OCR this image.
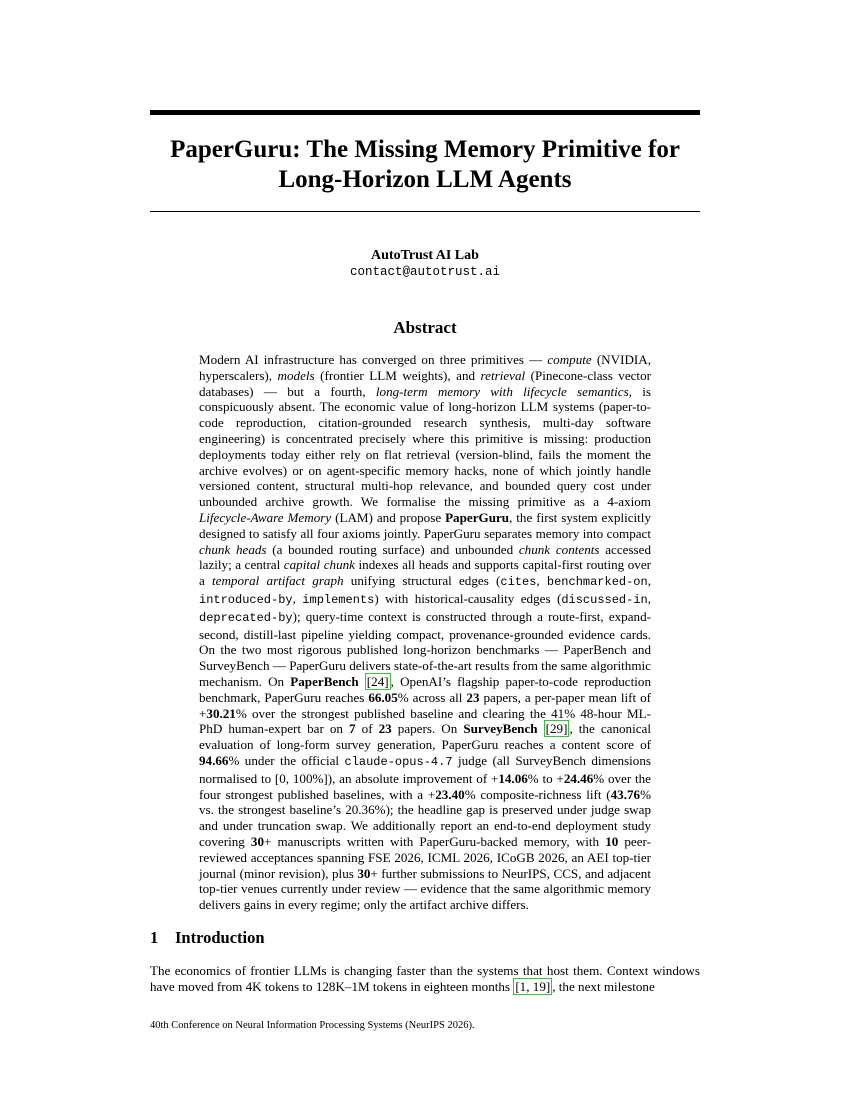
PaperGuru: The Missing Memory Primitive for
Long-Horizon LLM Agents
AutoTrust AI Lab
contact@autotrust.ai
Abstract
Modern AI infrastructure has converged on three primitives — compute (NVIDIA, hyperscalers), models (frontier LLM weights), and retrieval (Pinecone-class vector databases) — but a fourth, long-term memory with lifecycle semantics, is conspicuously absent. The economic value of long-horizon LLM systems (paper-to-code reproduction, citation-grounded research synthesis, multi-day software engineering) is concentrated precisely where this primitive is missing: production deployments today either rely on flat retrieval (version-blind, fails the moment the archive evolves) or on agent-specific memory hacks, none of which jointly handle versioned content, structural multi-hop relevance, and bounded query cost under unbounded archive growth. We formalise the missing primitive as a 4-axiom Lifecycle-Aware Memory (LAM) and propose PaperGuru, the first system explicitly designed to satisfy all four axioms jointly. PaperGuru separates memory into compact chunk heads (a bounded routing surface) and unbounded chunk contents accessed lazily; a central capital chunk indexes all heads and supports capital-first routing over a temporal artifact graph unifying structural edges (cites, benchmarked-on, introduced-by, implements) with historical-causality edges (discussed-in, deprecated-by); query-time context is constructed through a route-first, expand-second, distill-last pipeline yielding compact, provenance-grounded evidence cards. On the two most rigorous published long-horizon benchmarks — PaperBench and SurveyBench — PaperGuru delivers state-of-the-art results from the same algorithmic mechanism. On PaperBench [24] , OpenAI’s flagship paper-to-code reproduction benchmark, PaperGuru reaches 66.05% across all 23 papers, a per-paper mean lift of +30.21% over the strongest published baseline and clearing the 41% 48-hour ML-PhD human-expert bar on 7 of 23 papers. On SurveyBench [29] , the canonical evaluation of long-form survey generation, PaperGuru reaches a content score of 94.66% under the official claude-opus-4.7 judge (all SurveyBench dimensions normalised to [0, 100%]), an absolute improvement of +14.06% to +24.46% over the four strongest published baselines, with a +23.40% composite-richness lift (43.76% vs. the strongest baseline’s 20.36%); the headline gap is preserved under judge swap and under truncation swap. We additionally report an end-to-end deployment study covering 30+ manuscripts written with PaperGuru-backed memory, with 10 peer-reviewed acceptances spanning FSE 2026, ICML 2026, ICoGB 2026, an AEI top-tier journal (minor revision), plus 30+ further submissions to NeurIPS, CCS, and adjacent top-tier venues currently under review — evidence that the same algorithmic memory delivers gains in every regime; only the artifact archive differs.
1 Introduction
The economics of frontier LLMs is changing faster than the systems that host them. Context windows have moved from 4K tokens to 128K–1M tokens in eighteen months [1, 19] , the next milestone
40th Conference on Neural Information Processing Systems (NeurIPS 2026).
